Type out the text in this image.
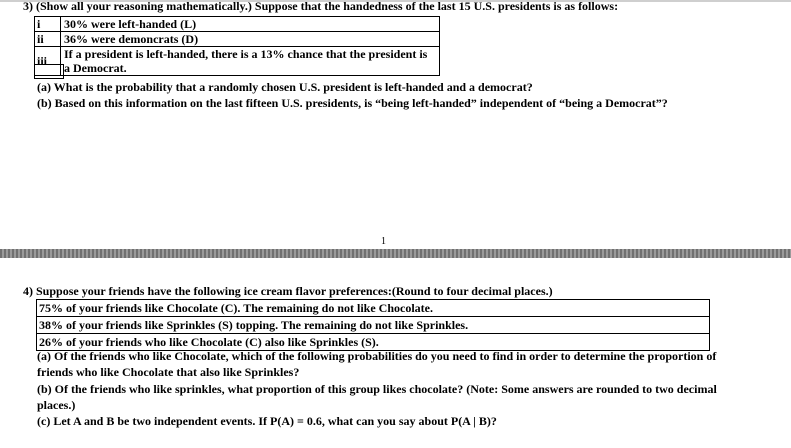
3) (Show all your reasoning mathematically.) Suppose that the handedness of the last 15 U.S. presidents is as follows:
i	30% were left-handed (L)
ii	36% were demoncrats (D)
iii	If a president is left-handed, there is a 13% chance that the president is a Democrat.
(a) What is the probability that a randomly chosen U.S. president is left-handed and a democrat?
(b) Based on this information on the last fifteen U.S. presidents, is “being left-handed” independent of “being a Democrat”?
1
4) Suppose your friends have the following ice cream flavor preferences:(Round to four decimal places.)
75% of your friends like Chocolate (C). The remaining do not like Chocolate.
38% of your friends like Sprinkles (S) topping. The remaining do not like Sprinkles.
26% of your friends who like Chocolate (C) also like Sprinkles (S).
(a) Of the friends who like Chocolate, which of the following probabilities do you need to find in order to determine the proportion of
friends who like Chocolate that also like Sprinkles?
(b) Of the friends who like sprinkles, what proportion of this group likes chocolate? (Note: Some answers are rounded to two decimal
places.)
(c) Let A and B be two independent events. If P(A) = 0.6, what can you say about P(A | B)?
